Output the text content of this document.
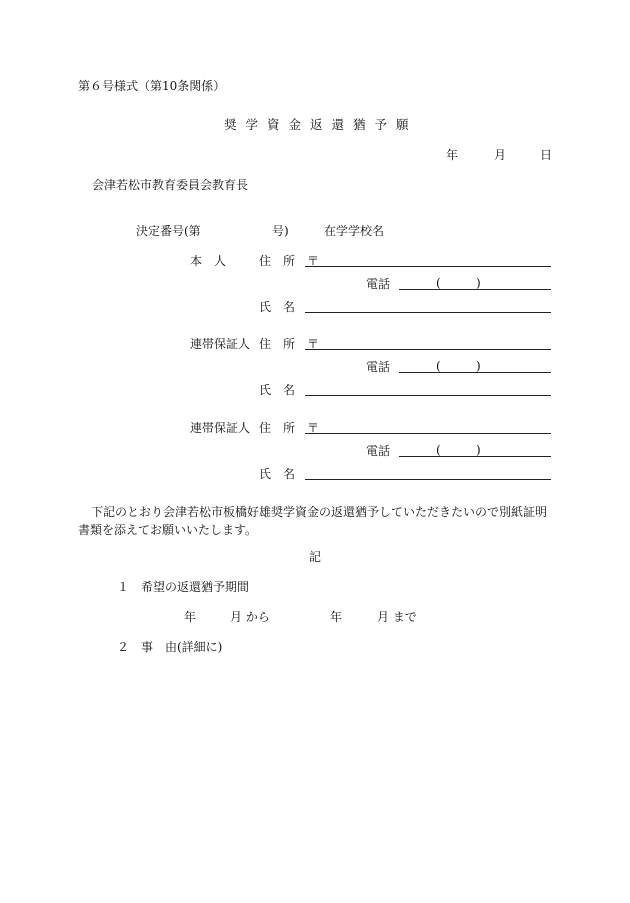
第６号様式（第10条関係）
奨学資金返還猶予願
年	月	日
会津若松市教育委員会教育長
決定番号(第	号)	在学学校名
本　人	住　所 〒
電話	(	)
氏　名
連帯保証人 住　所 〒
電話	(	)
氏　名
連帯保証人 住　所 〒
電話	(	)
氏　名
下記のとおり会津若松市板橋好雄奨学資金の返還猶予していただきたいので別紙証明書類を添えてお願いいたします。
記
１　希望の返還猶予期間
年	月 から	年	月 まで
２　事　由(詳細に)
